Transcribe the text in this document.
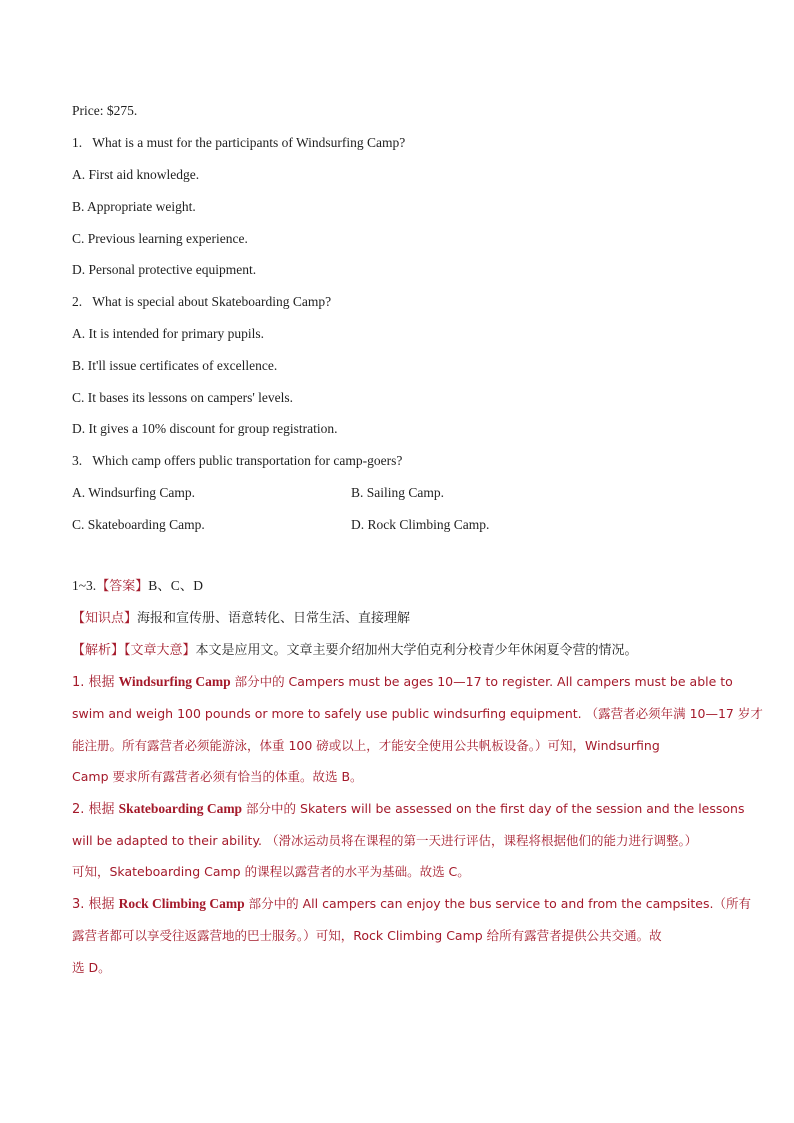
Price: $275.

1.   What is a must for the participants of Windsurfing Camp?

A. First aid knowledge.

B. Appropriate weight.

C. Previous learning experience.

D. Personal protective equipment.

2.   What is special about Skateboarding Camp?

A. It is intended for primary pupils.

B. It'll issue certificates of excellence.

C. It bases its lessons on campers' levels.

D. It gives a 10% discount for group registration.

3.   Which camp offers public transportation for camp-goers?

A. Windsurfing Camp.	B. Sailing Camp.

C. Skateboarding Camp.	D. Rock Climbing Camp.

1~3.【答案】B、C、D

【知识点】海报和宣传册、语意转化、日常生活、直接理解

【解析】【文章大意】本文是应用文。文章主要介绍加州大学伯克利分校青少年休闲夏令营的情况。

1. 根据 Windsurfing Camp 部分中的 Campers must be ages 10—17 to register. All campers must be able to

swim and weigh 100 pounds or more to safely use public windsurfing equipment. （露营者必须年满 10—17 岁才

能注册。所有露营者必须能游泳，体重 100 磅或以上，才能安全使用公共帆板设备。）可知，Windsurfing

Camp 要求所有露营者必须有恰当的体重。故选 B。

2. 根据 Skateboarding Camp 部分中的 Skaters will be assessed on the first day of the session and the lessons

will be adapted to their ability. （滑冰运动员将在课程的第一天进行评估，课程将根据他们的能力进行调整。）

可知，Skateboarding Camp 的课程以露营者的水平为基础。故选 C。

3. 根据 Rock Climbing Camp 部分中的 All campers can enjoy the bus service to and from the campsites.（所有

露营者都可以享受往返露营地的巴士服务。）可知，Rock Climbing Camp 给所有露营者提供公共交通。故

选 D。
